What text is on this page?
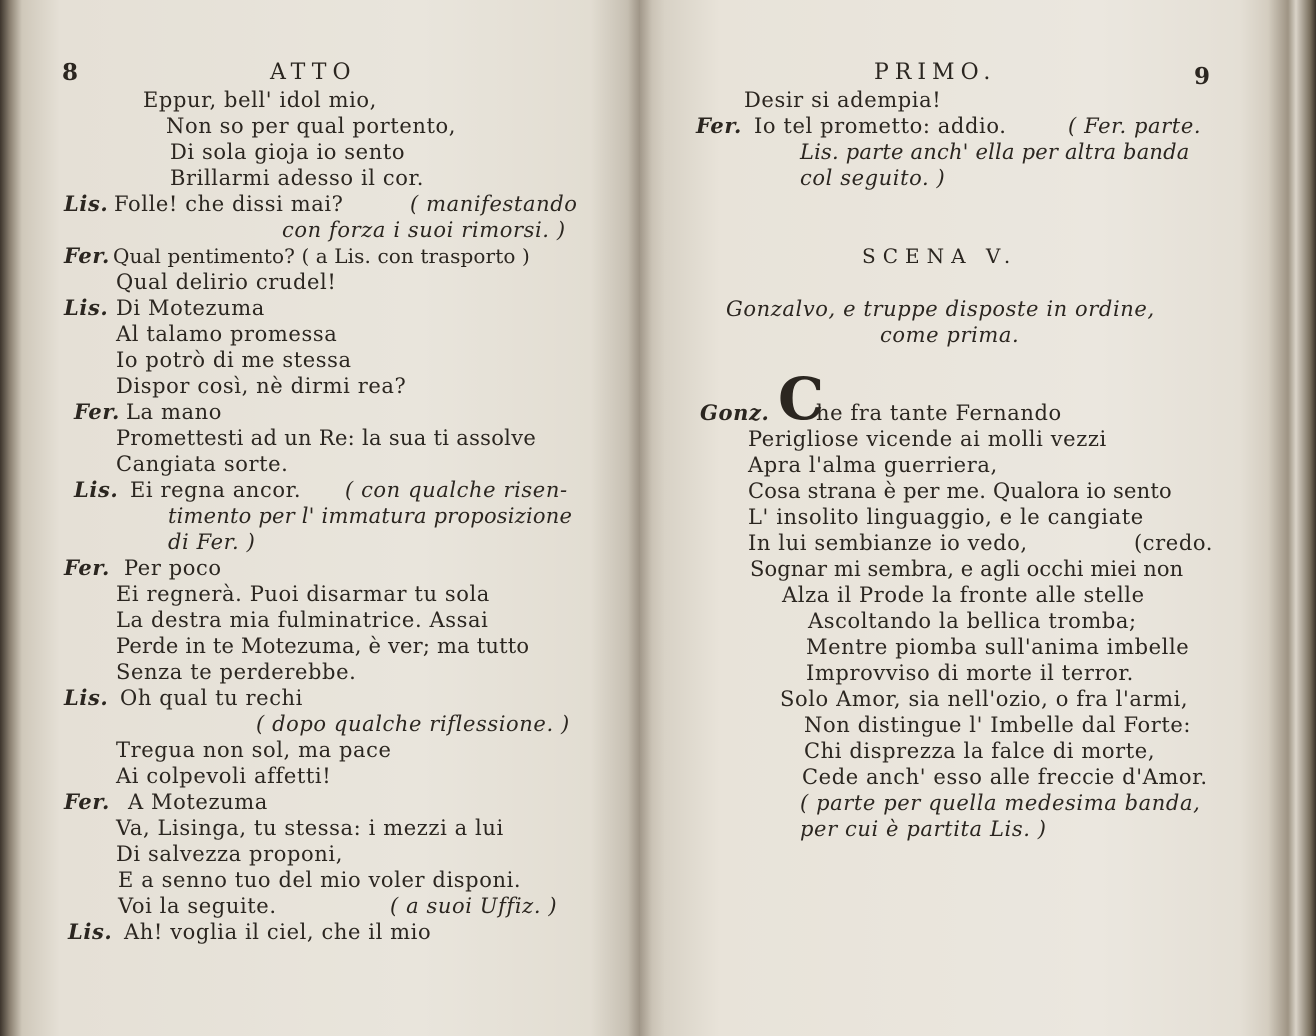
8	ATTO
Eppur, bell' idol mio,
Non so per qual portento,
Di sola gioja io sento
Brillarmi adesso il cor.
Lis. Folle! che dissi mai?	( manifestando
con forza i suoi rimorsi. )
Fer. Qual pentimento? ( a Lis. con trasporto )
Qual delirio crudel!
Lis. Di Motezuma
Al talamo promessa
Io potrò di me stessa
Dispor così, nè dirmi rea?
Fer. La mano
Promettesti ad un Re: la sua ti assolve
Cangiata sorte.
Lis. Ei regna ancor. ( con qualche risen-
timento per l' immatura proposizione
di Fer. )
Fer. Per poco
Ei regnerà. Puoi disarmar tu sola
La destra mia fulminatrice. Assai
Perde in te Motezuma, è ver; ma tutto
Senza te perderebbe.
Lis. Oh qual tu rechi
( dopo qualche riflessione. )
Tregua non sol, ma pace
Ai colpevoli affetti!
Fer. A Motezuma
Va, Lisinga, tu stessa: i mezzi a lui
Di salvezza proponi,
E a senno tuo del mio voler disponi.
Voi la seguite.	( a suoi Uffiz. )
Lis. Ah! voglia il ciel, che il mio
PRIMO.	9
Desir si adempia!
Fer. Io tel prometto: addio.	( Fer. parte.
Lis. parte anch' ella per altra banda
col seguito. )
SCENA V.
Gonzalvo, e truppe disposte in ordine,
come prima.
Gonz. C
he fra tante Fernando
Perigliose vicende ai molli vezzi
Apra l'alma guerriera,
Cosa strana è per me. Qualora io sento
L' insolito linguaggio, e le cangiate
In lui sembianze io vedo,	(credo.
Sognar mi sembra, e agli occhi miei non
Alza il Prode la fronte alle stelle
Ascoltando la bellica tromba;
Mentre piomba sull'anima imbelle
Improvviso di morte il terror.
Solo Amor, sia nell'ozio, o fra l'armi,
Non distingue l' Imbelle dal Forte:
Chi disprezza la falce di morte,
Cede anch' esso alle freccie d'Amor.
( parte per quella medesima banda,
per cui è partita Lis. )
